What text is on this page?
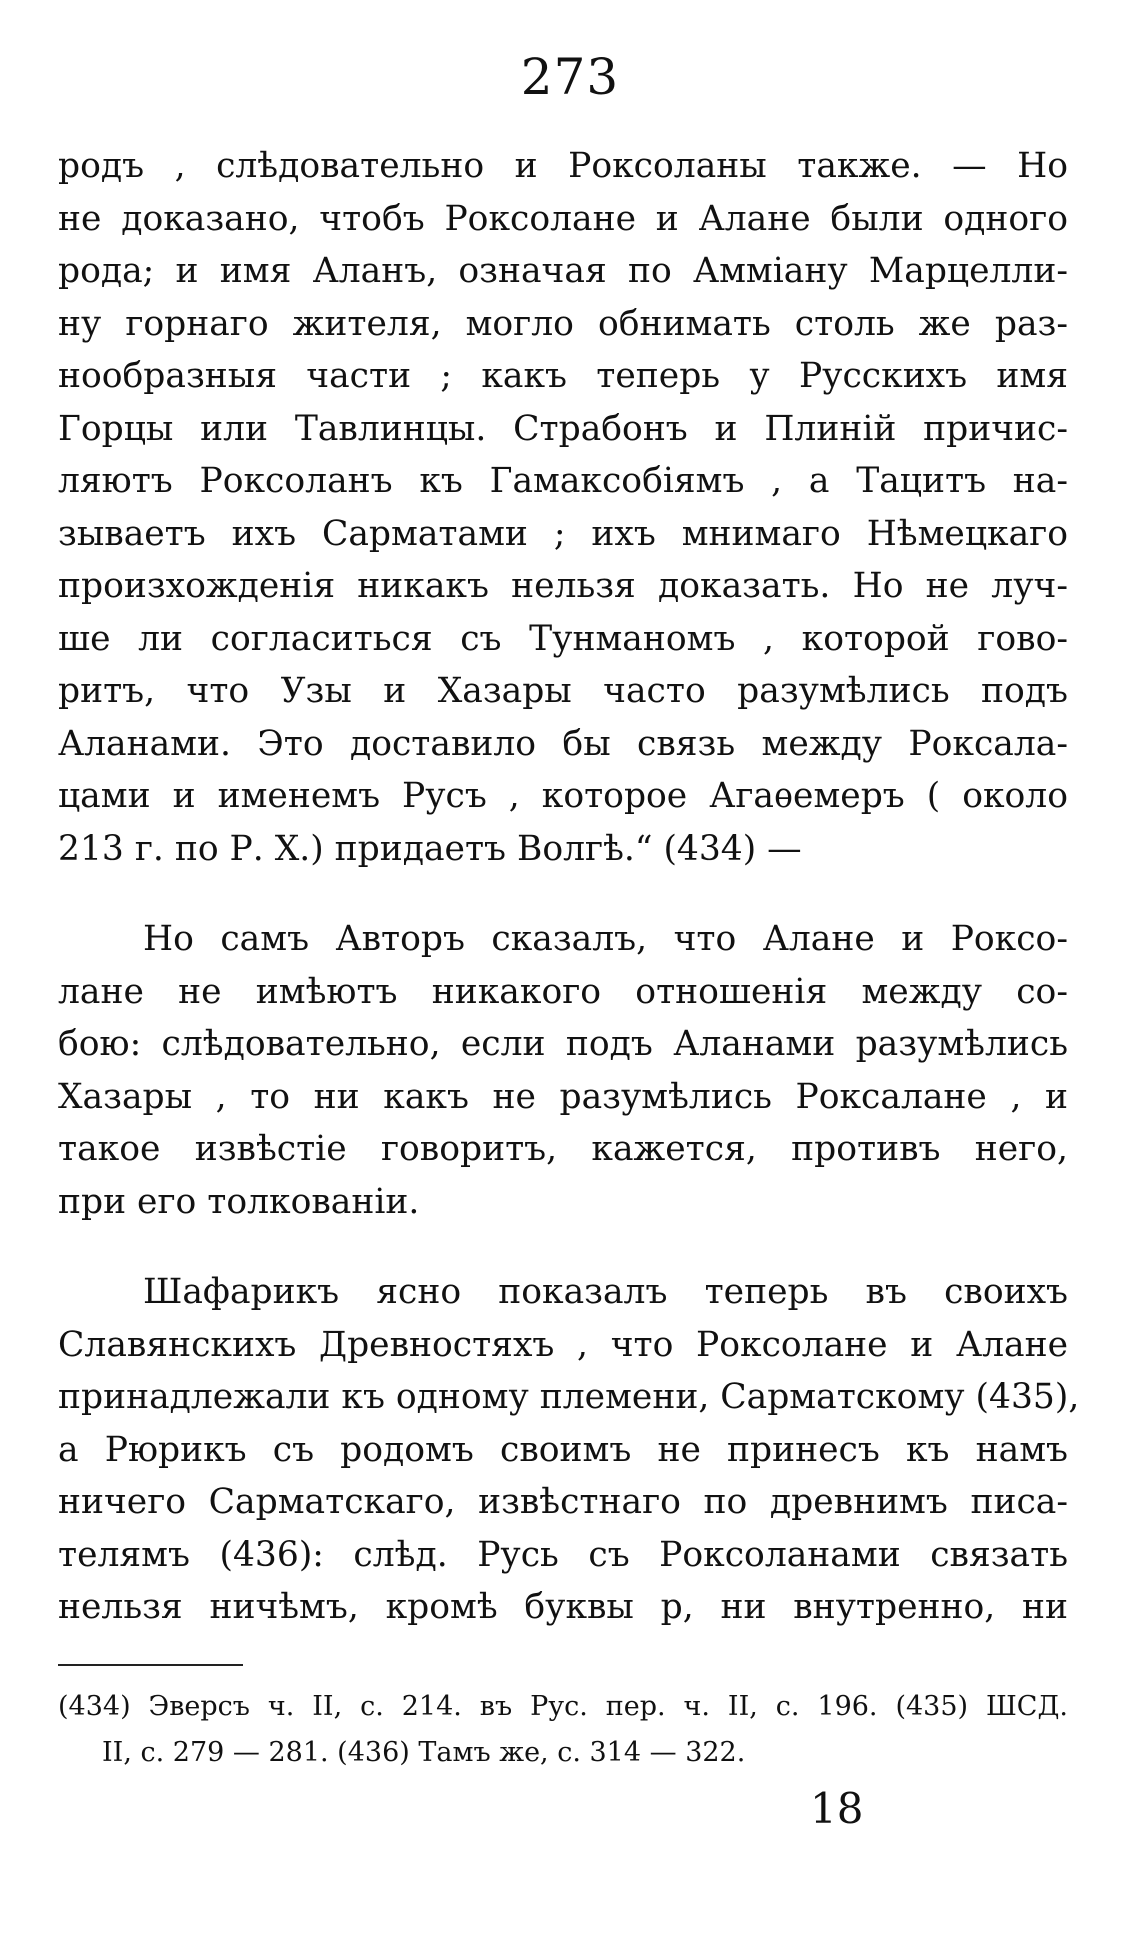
273
родъ , слѣдовательно и Роксоланы также. — Но
не доказано, чтобъ Роксолане и Алане были одного
рода; и имя Аланъ, означая по Аммiану Марцелли-
ну горнаго жителя, могло обнимать столь же раз-
нообразныя части ; какъ теперь у Русскихъ имя
Горцы или Тавлинцы. Страбонъ и Плиній причис-
ляютъ Роксоланъ къ Гамаксобіямъ , а Тацитъ на-
зываетъ ихъ Сарматами ; ихъ мнимаго Нѣмецкаго
произхожденія никакъ нельзя доказать. Но не луч-
ше ли согласиться съ Тунманомъ , которой гово-
ритъ, что Узы и Хазары часто разумѣлись подъ
Аланами. Это доставило бы связь между Роксала-
цами и именемъ Русъ , которое Агаѳемеръ ( около
213 г. по Р. Х.) придаетъ Волгѣ.“ (434) —
Но самъ Авторъ сказалъ, что Алане и Роксо-
лане не имѣютъ никакого отношенія между со-
бою: слѣдовательно, если подъ Аланами разумѣлись
Хазары , то ни какъ не разумѣлись Роксалане , и
такое извѣстіе говоритъ, кажется, противъ него,
при его толкованіи.
Шафарикъ ясно показалъ теперь въ своихъ
Славянскихъ Древностяхъ , что Роксолане и Алане
принадлежали къ одному племени, Сарматскому (435),
а Рюрикъ съ родомъ своимъ не принесъ къ намъ
ничего Сарматскаго, извѣстнаго по древнимъ писа-
телямъ (436): слѣд. Русь съ Роксоланами связать
нельзя ничѣмъ, кромѣ буквы р, ни внутренно, ни
(434) Эверсъ ч. II, с. 214. въ Рус. пер. ч. II, с. 196. (435) ШСД.
II, с. 279 — 281. (436) Тамъ же, с. 314 — 322.
18
